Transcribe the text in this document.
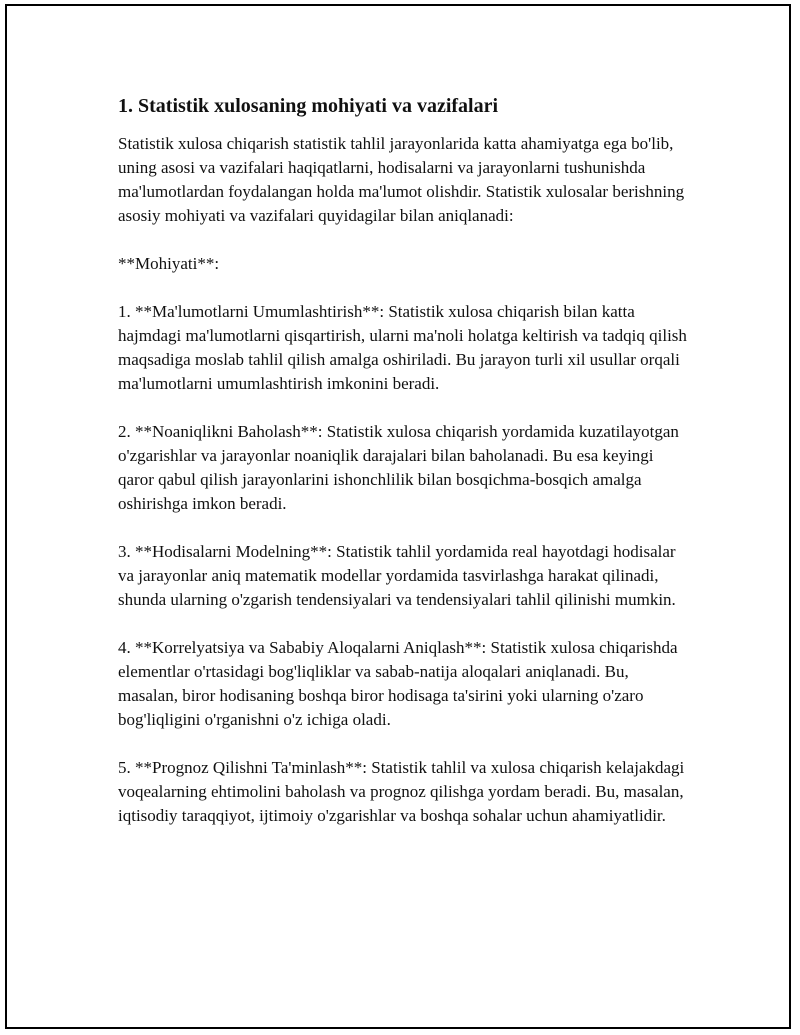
1. Statistik xulosaning mohiyati va vazifalari
Statistik xulosa chiqarish statistik tahlil jarayonlarida katta ahamiyatga ega bo'lib, uning asosi va vazifalari haqiqatlarni, hodisalarni va jarayonlarni tushunishda ma'lumotlardan foydalangan holda ma'lumot olishdir. Statistik xulosalar berishning asosiy mohiyati va vazifalari quyidagilar bilan aniqlanadi:
**Mohiyati**:
1. **Ma'lumotlarni Umumlashtirish**: Statistik xulosa chiqarish bilan katta hajmdagi ma'lumotlarni qisqartirish, ularni ma'noli holatga keltirish va tadqiq qilish maqsadiga moslab tahlil qilish amalga oshiriladi. Bu jarayon turli xil usullar orqali ma'lumotlarni umumlashtirish imkonini beradi.
2. **Noaniqlikni Baholash**: Statistik xulosa chiqarish yordamida kuzatilayotgan o'zgarishlar va jarayonlar noaniqlik darajalari bilan baholanadi. Bu esa keyingi qaror qabul qilish jarayonlarini ishonchlilik bilan bosqichma-bosqich amalga oshirishga imkon beradi.
3. **Hodisalarni Modelning**: Statistik tahlil yordamida real hayotdagi hodisalar va jarayonlar aniq matematik modellar yordamida tasvirlashga harakat qilinadi, shunda ularning o'zgarish tendensiyalari va tendensiyalari tahlil qilinishi mumkin.
4. **Korrelyatsiya va Sababiy Aloqalarni Aniqlash**: Statistik xulosa chiqarishda elementlar o'rtasidagi bog'liqliklar va sabab-natija aloqalari aniqlanadi. Bu, masalan, biror hodisaning boshqa biror hodisaga ta'sirini yoki ularning o'zaro bog'liqligini o'rganishni o'z ichiga oladi.
5. **Prognoz Qilishni Ta'minlash**: Statistik tahlil va xulosa chiqarish kelajakdagi voqealarning ehtimolini baholash va prognoz qilishga yordam beradi. Bu, masalan, iqtisodiy taraqqiyot, ijtimoiy o'zgarishlar va boshqa sohalar uchun ahamiyatlidir.
